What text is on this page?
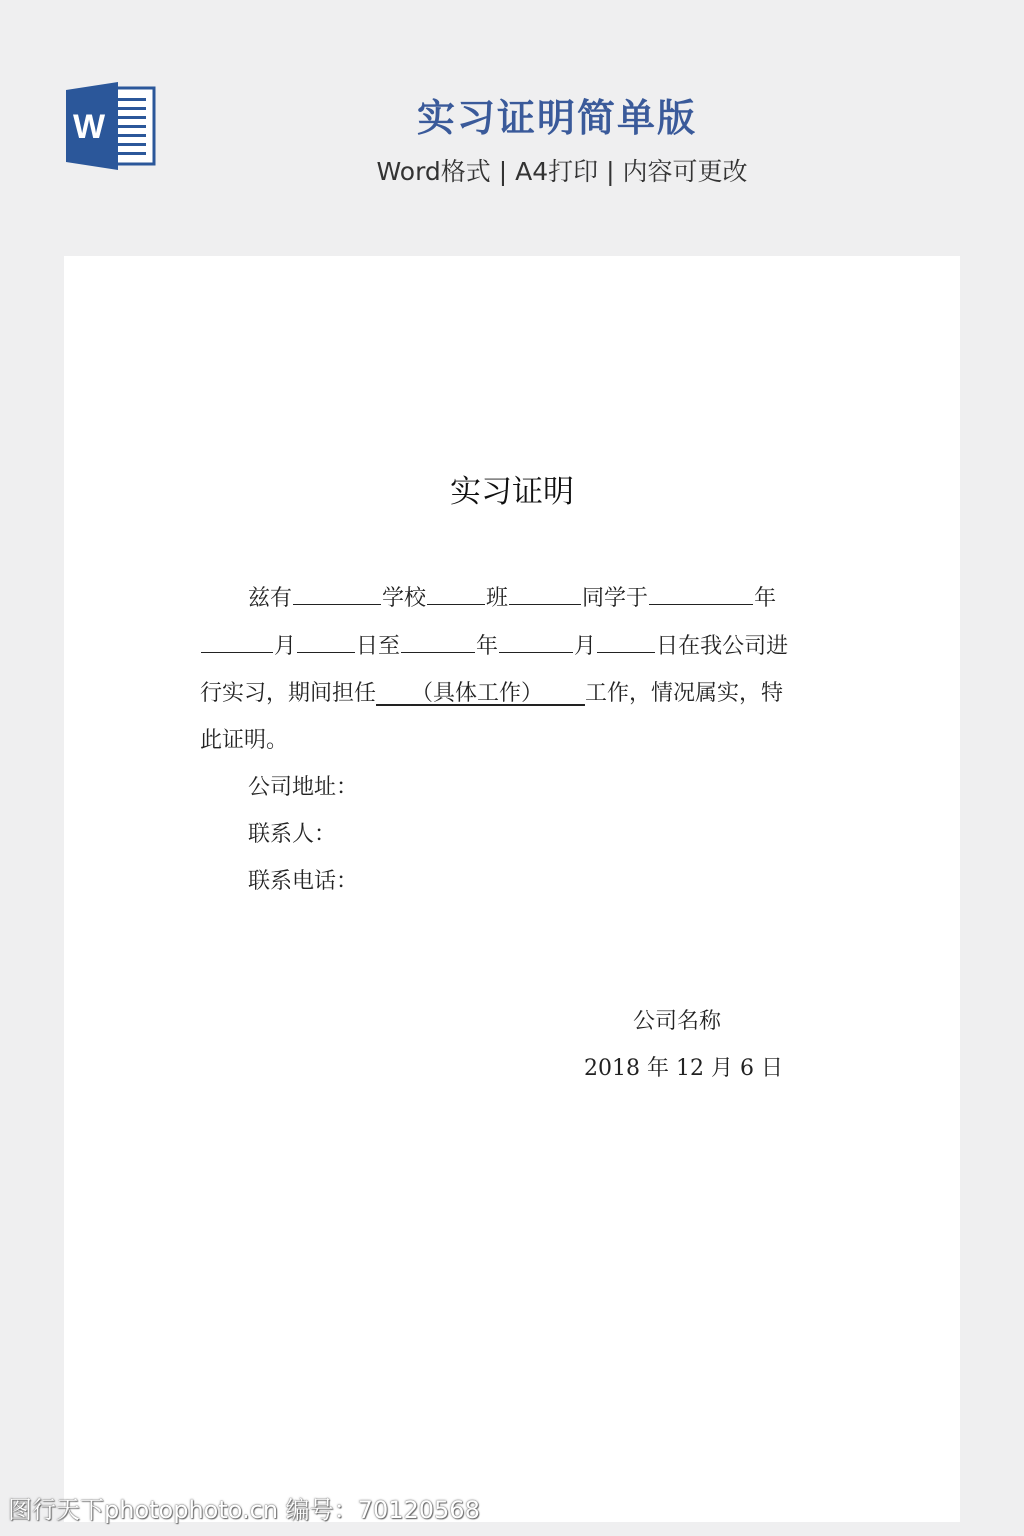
W	实习证明简单版
Word格式 | A4打印 | 内容可更改
实习证明
兹有	学校	班	同学于	年
月	日至	年	月	日在我公司进
行实习，期间担任 （具体工作） 工作，情况属实，特
此证明。
公司地址：
联系人：
联系电话：
公司名称
2018 年 12 月 6 日
图行天下photophoto.cn 编号：70120568
